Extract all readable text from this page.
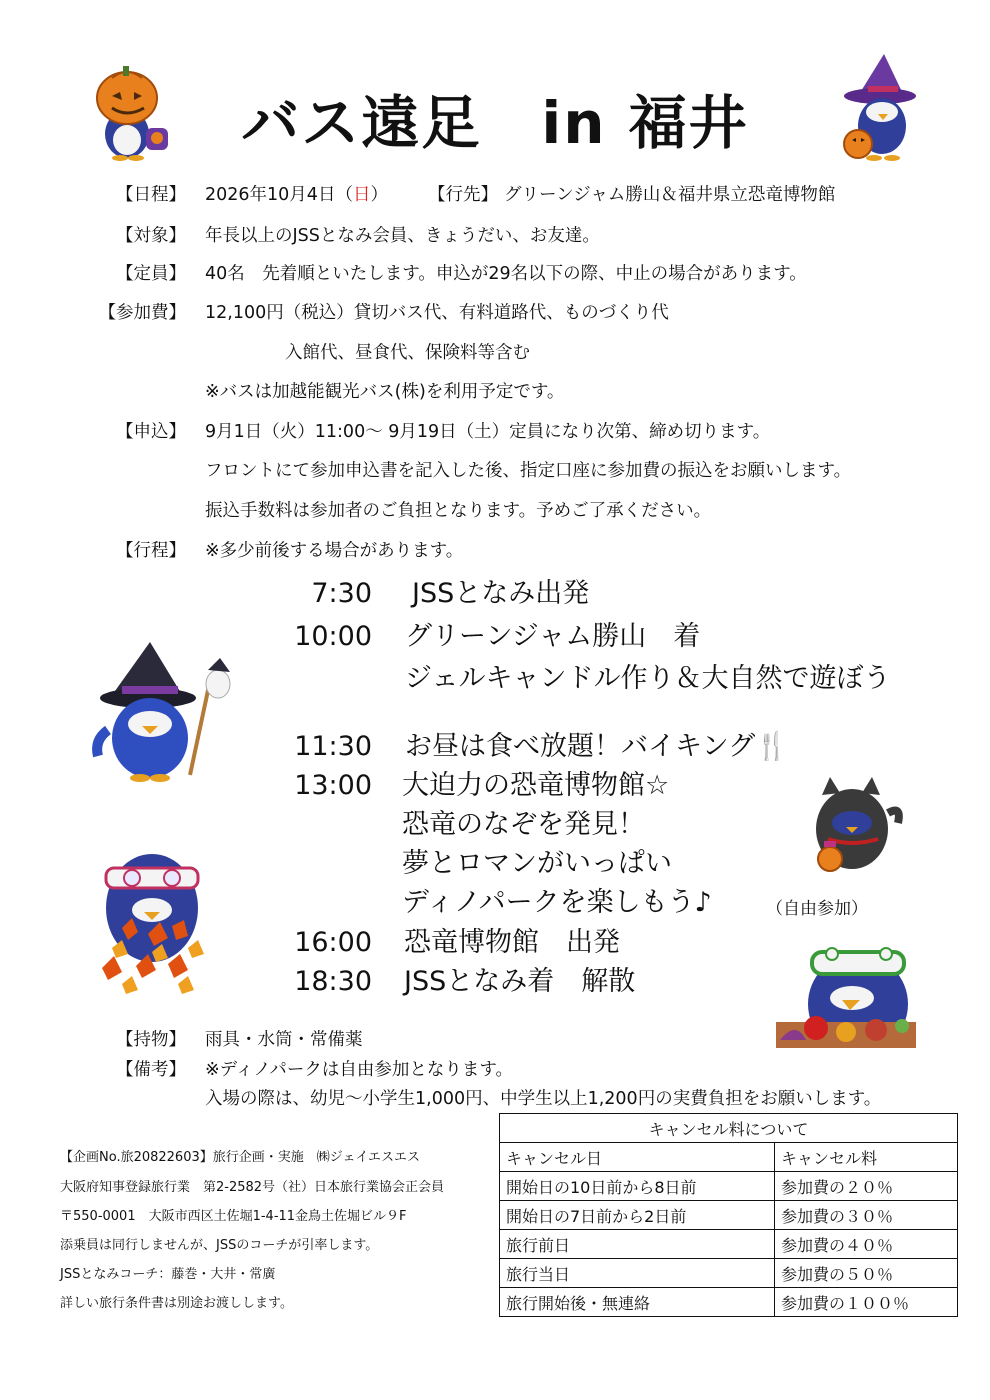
バス遠足　in 福井
【日程】 2026年10月4日（日） 【行先】 グリーンジャム勝山＆福井県立恐竜博物館
【対象】 年長以上のJSSとなみ会員、きょうだい、お友達。
【定員】 40名　先着順といたします。申込が29名以下の際、中止の場合があります。
【参加費】 12,100円（税込）貸切バス代、有料道路代、ものづくり代
入館代、昼食代、保険料等含む
※バスは加越能観光バス(株)を利用予定です。
【申込】 9月1日（火）11:00～ 9月19日（土）定員になり次第、締め切ります。
フロントにて参加申込書を記入した後、指定口座に参加費の振込をお願いします。
振込手数料は参加者のご負担となります。予めご了承ください。
【行程】 ※多少前後する場合があります。
7:30 JSSとなみ出発
10:00 グリーンジャム勝山　着
ジェルキャンドル作り＆大自然で遊ぼう
11:30 お昼は食べ放題！バイキング🍴
13:00 大迫力の恐竜博物館☆
恐竜のなぞを発見！
夢とロマンがいっぱい
ディノパークを楽しもう♪	（自由参加）
16:00 恐竜博物館　出発
18:30 JSSとなみ着　解散
【持物】 雨具・水筒・常備薬
【備考】 ※ディノパークは自由参加となります。
入場の際は、幼児～小学生1,000円、中学生以上1,200円の実費負担をお願いします。
【企画No.旅20822603】旅行企画・実施　㈱ジェイエスエス
大阪府知事登録旅行業　第2-2582号（社）日本旅行業協会正会員
〒550-0001　大阪市西区土佐堀1-4-11金鳥土佐堀ビル９F
添乗員は同行しませんが、JSSのコーチが引率します。
JSSとなみコーチ：藤巻・大井・常廣
詳しい旅行条件書は別途お渡しします。
キャンセル料について	
キャンセル日	キャンセル料
開始日の10日前から8日前	参加費の２０％
開始日の7日前から2日前	参加費の３０％
旅行前日	参加費の４０％
旅行当日	参加費の５０％
旅行開始後・無連絡	参加費の１００％
